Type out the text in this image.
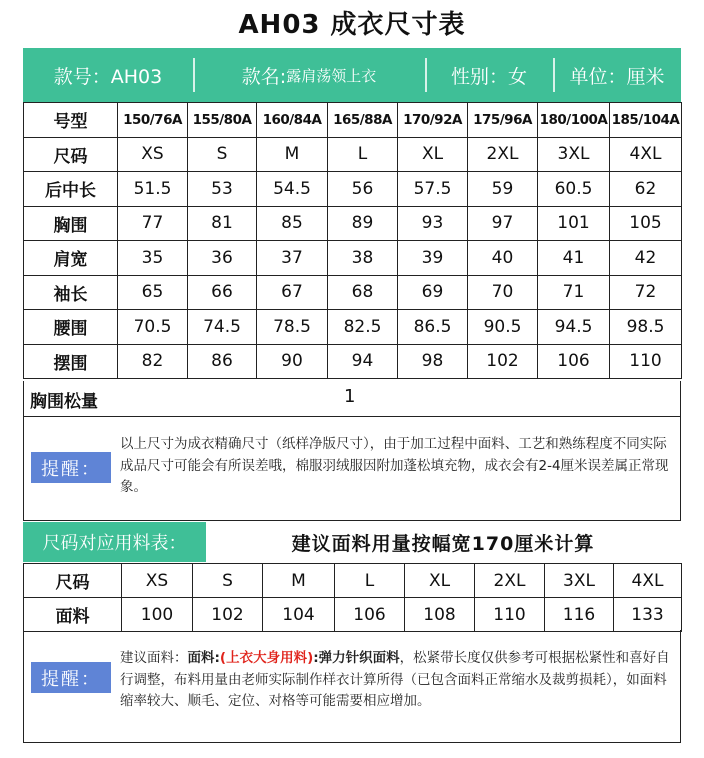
AH03 成衣尺寸表
款号：AH03	款名: 露肩荡领上衣	性别：女	单位：厘米
号型	150/76A	155/80A	160/84A	165/88A	170/92A	175/96A	180/100A	185/104A
尺码	XS	S	M	L	XL	2XL	3XL	4XL
后中长	51.5	53	54.5	56	57.5	59	60.5	62
胸围	77	81	85	89	93	97	101	105
肩宽	35	36	37	38	39	40	41	42
袖长	65	66	67	68	69	70	71	72
腰围	70.5	74.5	78.5	82.5	86.5	90.5	94.5	98.5
摆围	82	86	90	94	98	102	106	110
胸围松量	1
提醒：
以上尺寸为成衣精确尺寸（纸样净版尺寸），由于加工过程中面料、工艺和熟练程度不同实际成品尺寸可能会有所误差哦，棉服羽绒服因附加蓬松填充物，成衣会有2-4厘米误差属正常现象。
尺码对应用料表：	建议面料用量按幅宽170厘米计算
尺码	XS	S	M	L	XL	2XL	3XL	4XL
面料	100	102	104	106	108	110	116	133
提醒：
建议面料：面料:(上衣大身用料):弹力针织面料，松紧带长度仅供参考可根据松紧性和喜好自行调整，布料用量由老师实际制作样衣计算所得（已包含面料正常缩水及裁剪损耗），如面料缩率较大、顺毛、定位、对格等可能需要相应增加。
